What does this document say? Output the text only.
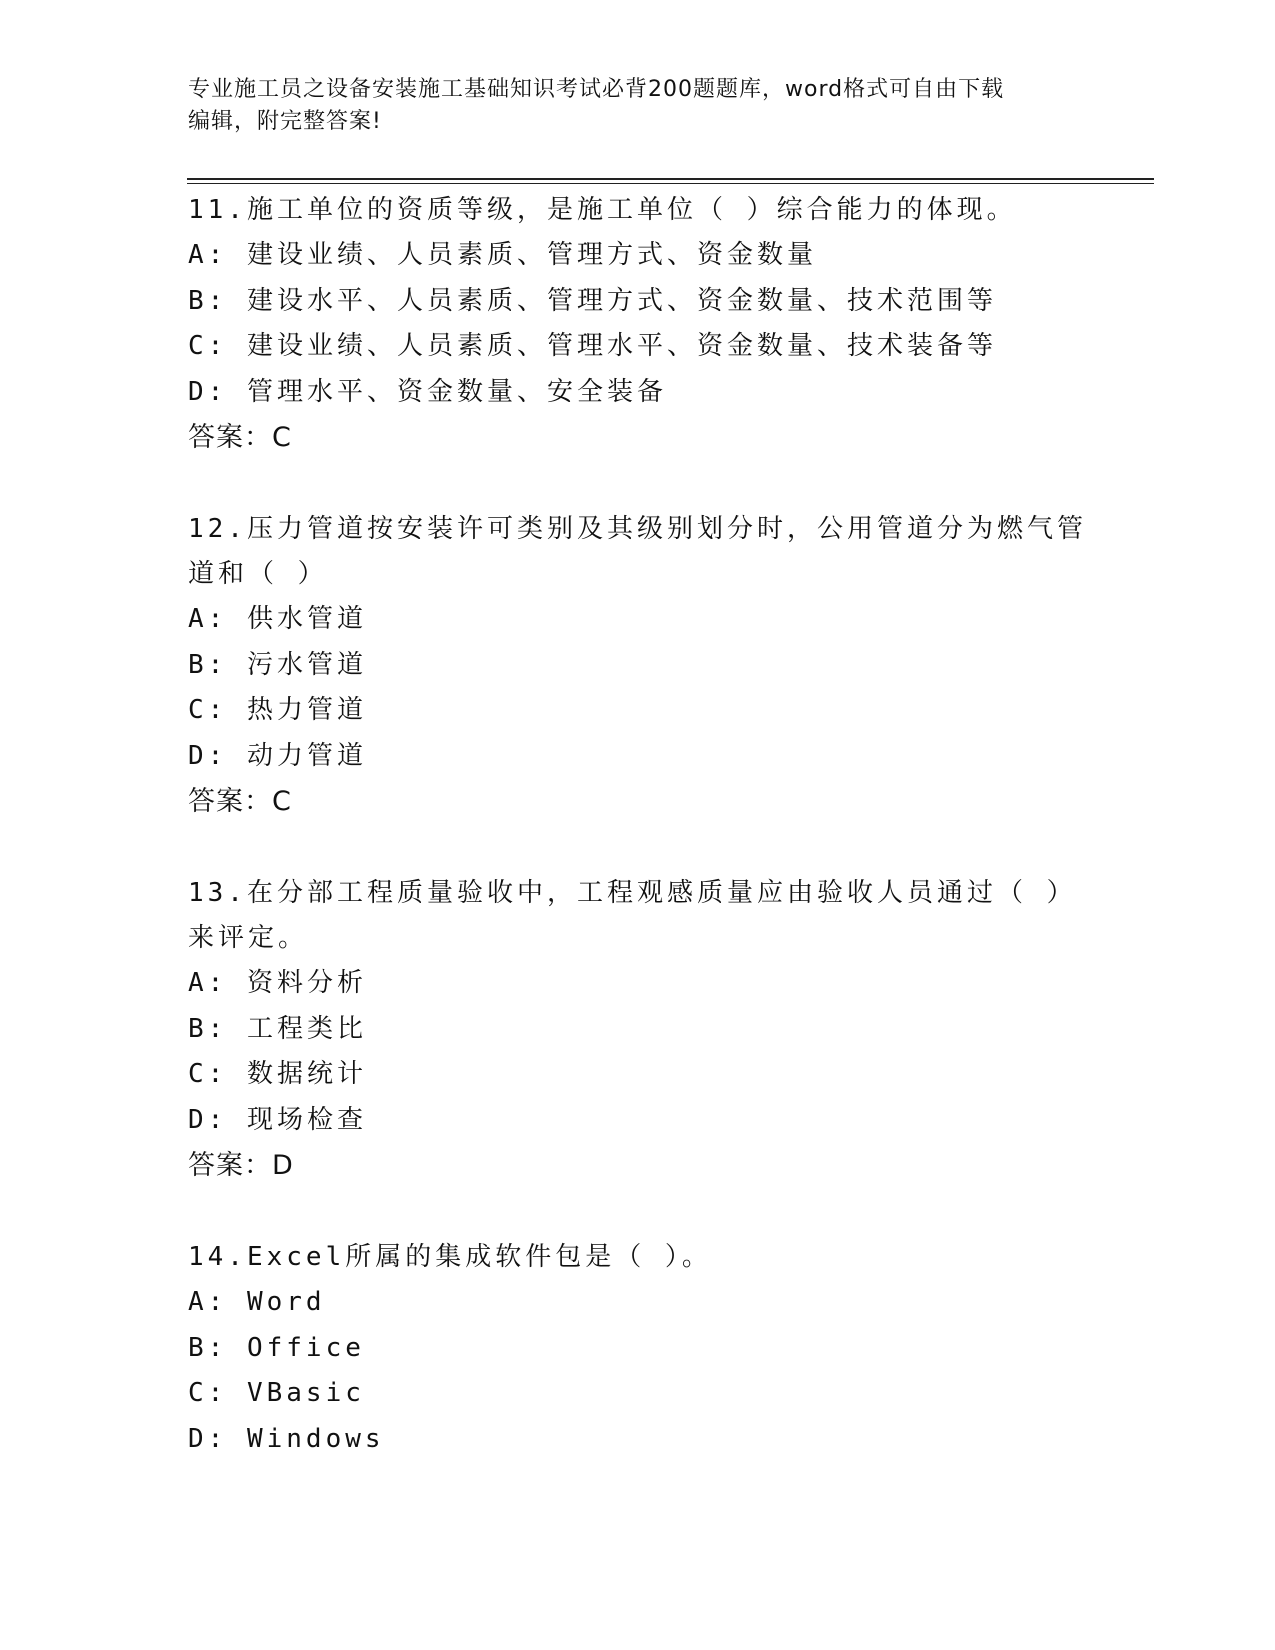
专业施工员之设备安装施工基础知识考试必背200题题库，word格式可自由下载
编辑，附完整答案!
11.施工单位的资质等级，是施工单位（ ）综合能力的体现。
A: 建设业绩、人员素质、管理方式、资金数量
B: 建设水平、人员素质、管理方式、资金数量、技术范围等
C: 建设业绩、人员素质、管理水平、资金数量、技术装备等
D: 管理水平、资金数量、安全装备
答案：C
12.压力管道按安装许可类别及其级别划分时，公用管道分为燃气管道和（ ）
A: 供水管道
B: 污水管道
C: 热力管道
D: 动力管道
答案：C
13.在分部工程质量验收中，工程观感质量应由验收人员通过（ ）来评定。
A: 资料分析
B: 工程类比
C: 数据统计
D: 现场检查
答案：D
14.Excel所属的集成软件包是（ ）。
A: Word
B: Office
C: VBasic
D: Windows
